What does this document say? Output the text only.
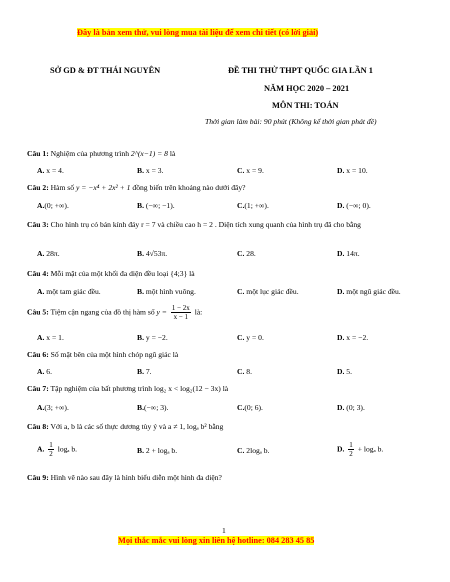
Đây là bản xem thử, vui lòng mua tài liệu để xem chi tiết (có lời giải)
SỞ GD & ĐT THÁI NGUYÊN	ĐỀ THI THỬ THPT QUỐC GIA LẦN 1
NĂM HỌC 2020 – 2021
MÔN THI: TOÁN
Thời gian làm bài: 90 phút (Không kể thời gian phát đề)
Câu 1: Nghiệm của phương trình 2^(x−1) = 8 là
A. x = 4.	B. x = 3.	C. x = 9.	D. x = 10.
Câu 2: Hàm số y = −x⁴ + 2x² + 1 đồng biến trên khoảng nào dưới đây?
A.(0; +∞).	B. (−∞; −1).	C.(1; +∞).	D. (−∞; 0).
Câu 3: Cho hình trụ có bán kính đáy r = 7 và chiều cao h = 2 . Diện tích xung quanh của hình trụ đã cho bằng
A. 28π.	B. 4√53π.	C. 28.	D. 14π.
Câu 4: Mỗi mặt của một khối đa diện đều loại {4;3} là
A. một tam giác đều.	B. một hình vuông.	C. một lục giác đều.	D. một ngũ giác đều.
Câu 5: Tiệm cận ngang của đồ thị hàm số $y = \frac{1 - 2x}{x - 1}$ là:
A. x = 1.	B. y = −2.	C. y = 0.	D. x = −2.
Câu 6: Số mặt bên của một hình chóp ngũ giác là
A. 6.	B. 7.	C. 8.	D. 5.
Câu 7: Tập nghiệm của bất phương trình log₂ x < log₂(12 − 3x) là
A.(3; +∞).	B.(−∞; 3).	C.(0; 6).	D. (0; 3).
Câu 8: Với a, b là các số thực dương tùy ý và a ≠ 1, logₐ b² bằng
A. $\frac{1}{2}$ logₐ b.	B. 2 + logₐ b.	C. 2logₐ b.	D. $\frac{1}{2} + \log_a$ b.
Câu 9: Hình vẽ nào sau đây là hình biểu diễn một hình đa diện?
1
Mọi thắc mắc vui lòng xin liên hệ hotline: 084 283 45 85
